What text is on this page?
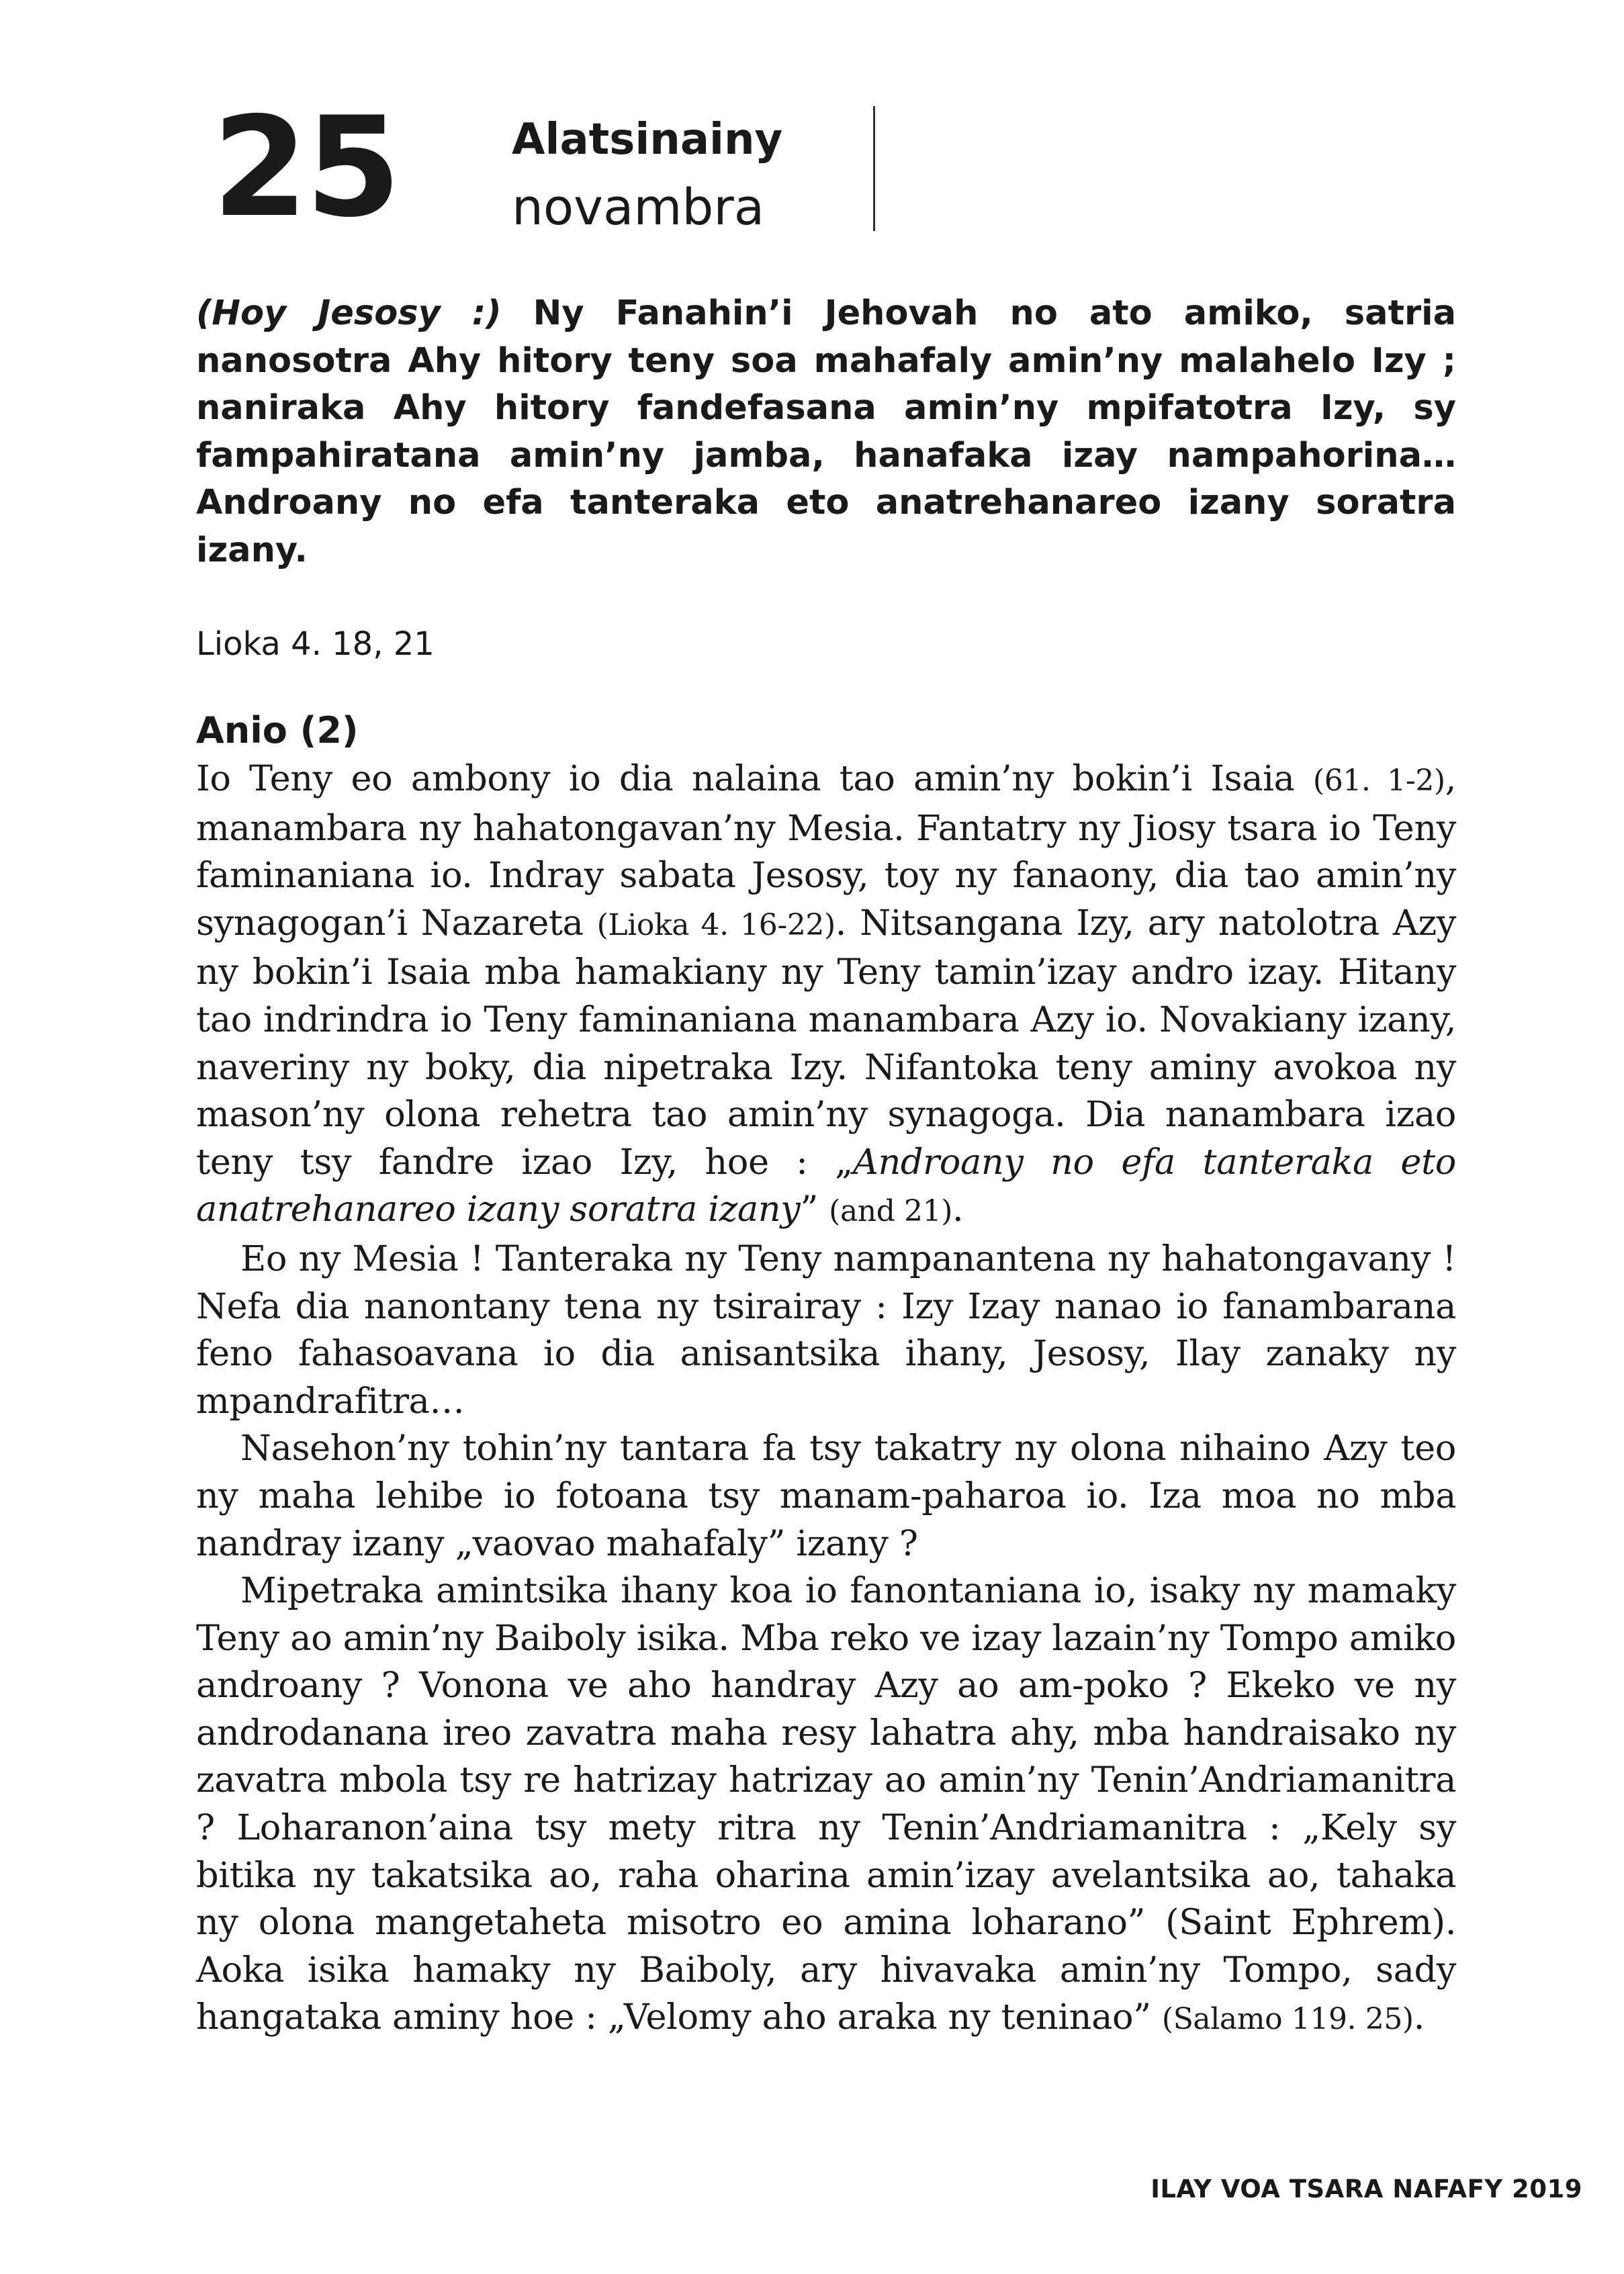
25	Alatsinainy
novambra
(Hoy Jesosy :) Ny Fanahin’i Jehovah no ato amiko, satria nanosotra Ahy hitory teny soa mahafaly amin’ny malahelo Izy ; naniraka Ahy hitory fandefasana amin’ny mpifatotra Izy, sy fampahiratana amin’ny jamba, hanafaka izay nampahorina… Androany no efa tanteraka eto anatrehanareo izany soratra izany.
Lioka 4. 18, 21
Anio (2)

Io Teny eo ambony io dia nalaina tao amin’ny bokin’i Isaia (61. 1-2), manambara ny hahatongavan’ny Mesia. Fantatry ny Jiosy tsara io Teny faminaniana io. Indray sabata Jesosy, toy ny fanaony, dia tao amin’ny synagogan’i Nazareta (Lioka 4. 16-22). Nitsangana Izy, ary natolotra Azy ny bokin’i Isaia mba hamakiany ny Teny tamin’izay andro izay. Hitany tao indrindra io Teny faminaniana manambara Azy io. Novakiany izany, naveriny ny boky, dia nipetraka Izy. Nifantoka teny aminy avokoa ny mason’ny olona rehetra tao amin’ny synagoga. Dia nanambara izao teny tsy fandre izao Izy, hoe : „Androany no efa tanteraka eto anatrehanareo izany soratra izany” (and 21).

Eo ny Mesia ! Tanteraka ny Teny nampanantena ny hahatongavany ! Nefa dia nanontany tena ny tsirairay : Izy Izay nanao io fanambarana feno fahasoavana io dia anisantsika ihany, Jesosy, Ilay zanaky ny mpandrafitra…

Nasehon’ny tohin’ny tantara fa tsy takatry ny olona nihaino Azy teo ny maha lehibe io fotoana tsy manam-paharoa io. Iza moa no mba nandray izany „vaovao mahafaly” izany ?

Mipetraka amintsika ihany koa io fanontaniana io, isaky ny mamaky Teny ao amin’ny Baiboly isika. Mba reko ve izay lazain’ny Tompo amiko androany ? Vonona ve aho handray Azy ao am-poko ? Ekeko ve ny androdanana ireo zavatra maha resy lahatra ahy, mba handraisako ny zavatra mbola tsy re hatrizay hatrizay ao amin’ny Tenin’Andriamanitra ? Loharanon’aina tsy mety ritra ny Tenin’Andriamanitra : „Kely sy bitika ny takatsika ao, raha oharina amin’izay avelantsika ao, tahaka ny olona mangetaheta misotro eo amina loharano” (Saint Ephrem). Aoka isika hamaky ny Baiboly, ary hivavaka amin’ny Tompo, sady hangataka aminy hoe : „Velomy aho araka ny teninao” (Salamo 119. 25).

ILAY VOA TSARA NAFAFY 2019
